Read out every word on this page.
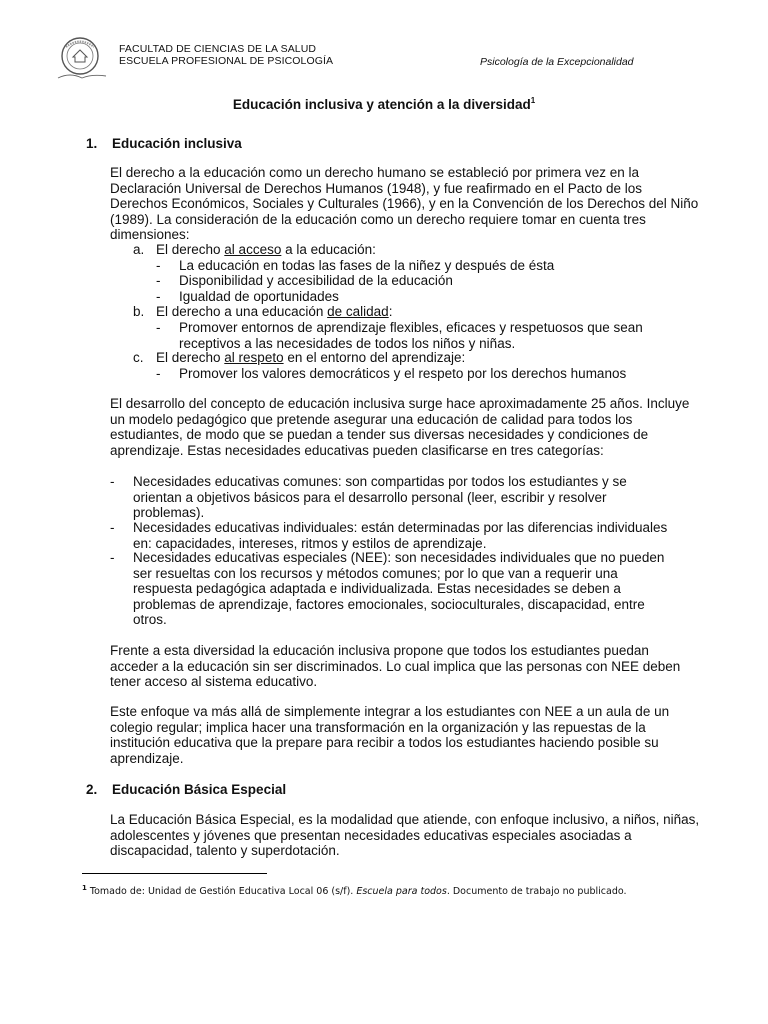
FACULTAD DE CIENCIAS DE LA SALUD
ESCUELA PROFESIONAL DE PSICOLOGÍA	Psicología de la Excepcionalidad
Educación inclusiva y atención a la diversidad$^1$
1. Educación inclusiva
El derecho a la educación como un derecho humano se estableció por primera vez en la Declaración Universal de Derechos Humanos (1948), y fue reafirmado en el Pacto de los Derechos Económicos, Sociales y Culturales (1966), y en la Convención de los Derechos del Niño (1989). La consideración de la educación como un derecho requiere tomar en cuenta tres dimensiones:
a. El derecho al acceso a la educación:
- La educación en todas las fases de la niñez y después de ésta
- Disponibilidad y accesibilidad de la educación
- Igualdad de oportunidades
b. El derecho a una educación de calidad:
- Promover entornos de aprendizaje flexibles, eficaces y respetuosos que sean receptivos a las necesidades de todos los niños y niñas.
c. El derecho al respeto en el entorno del aprendizaje:
- Promover los valores democráticos y el respeto por los derechos humanos
El desarrollo del concepto de educación inclusiva surge hace aproximadamente 25 años. Incluye un modelo pedagógico que pretende asegurar una educación de calidad para todos los estudiantes, de modo que se puedan a tender sus diversas necesidades y condiciones de aprendizaje. Estas necesidades educativas pueden clasificarse en tres categorías:
- Necesidades educativas comunes: son compartidas por todos los estudiantes y se orientan a objetivos básicos para el desarrollo personal (leer, escribir y resolver problemas).
- Necesidades educativas individuales: están determinadas por las diferencias individuales en: capacidades, intereses, ritmos y estilos de aprendizaje.
- Necesidades educativas especiales (NEE): son necesidades individuales que no pueden ser resueltas con los recursos y métodos comunes; por lo que van a requerir una respuesta pedagógica adaptada e individualizada. Estas necesidades se deben a problemas de aprendizaje, factores emocionales, socioculturales, discapacidad, entre otros.
Frente a esta diversidad la educación inclusiva propone que todos los estudiantes puedan acceder a la educación sin ser discriminados. Lo cual implica que las personas con NEE deben tener acceso al sistema educativo.
Este enfoque va más allá de simplemente integrar a los estudiantes con NEE a un aula de un colegio regular; implica hacer una transformación en la organización y las repuestas de la institución educativa que la prepare para recibir a todos los estudiantes haciendo posible su aprendizaje.
2. Educación Básica Especial
La Educación Básica Especial, es la modalidad que atiende, con enfoque inclusivo, a niños, niñas, adolescentes y jóvenes que presentan necesidades educativas especiales asociadas a discapacidad, talento y superdotación.
$^1$ Tomado de: Unidad de Gestión Educativa Local 06 (s/f). Escuela para todos. Documento de trabajo no publicado.
